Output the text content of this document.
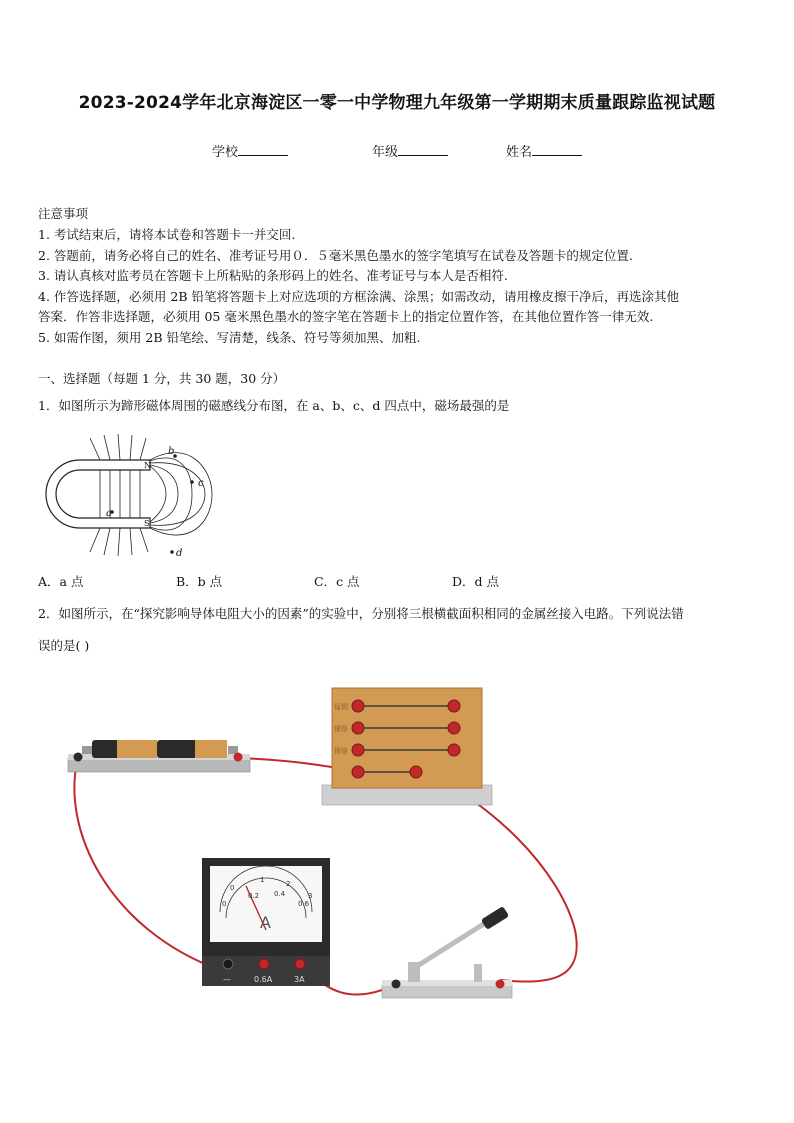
2023-2024学年北京海淀区一零一中学物理九年级第一学期期末质量跟踪监视试题
学校	年级	姓名
注意事项
1. 考试结束后，请将本试卷和答题卡一并交回.
2. 答题前，请务必将自己的姓名、准考证号用０．５毫米黑色墨水的签字笔填写在试卷及答题卡的规定位置.
3. 请认真核对监考员在答题卡上所粘贴的条形码上的姓名、准考证号与本人是否相符.
4. 作答选择题，必须用 2B 铅笔将答题卡上对应选项的方框涂满、涂黑；如需改动，请用橡皮擦干净后，再选涂其他
答案．作答非选择题，必须用 05 毫米黑色墨水的签字笔在答题卡上的指定位置作答，在其他位置作答一律无效.
5. 如需作图，须用 2B 铅笔绘、写清楚，线条、符号等须加黑、加粗.
一、选择题（每题 1 分，共 30 题，30 分）
1．如图所示为蹄形磁体周围的磁感线分布图，在 a、b、c、d 四点中，磁场最强的是
N
S
a
b
c
d
A．a 点	B．b 点	C．c 点	D．d 点
2．如图所示，在“探究影响导体电阻大小的因素”的实验中，分别将三根横截面积相同的金属丝接入电路。下列说法错
误的是( )
锰铜
镍铬
镍铬
0
1	2
3
0
0.2 0.4
0.6
A
—	0.6A	3A
